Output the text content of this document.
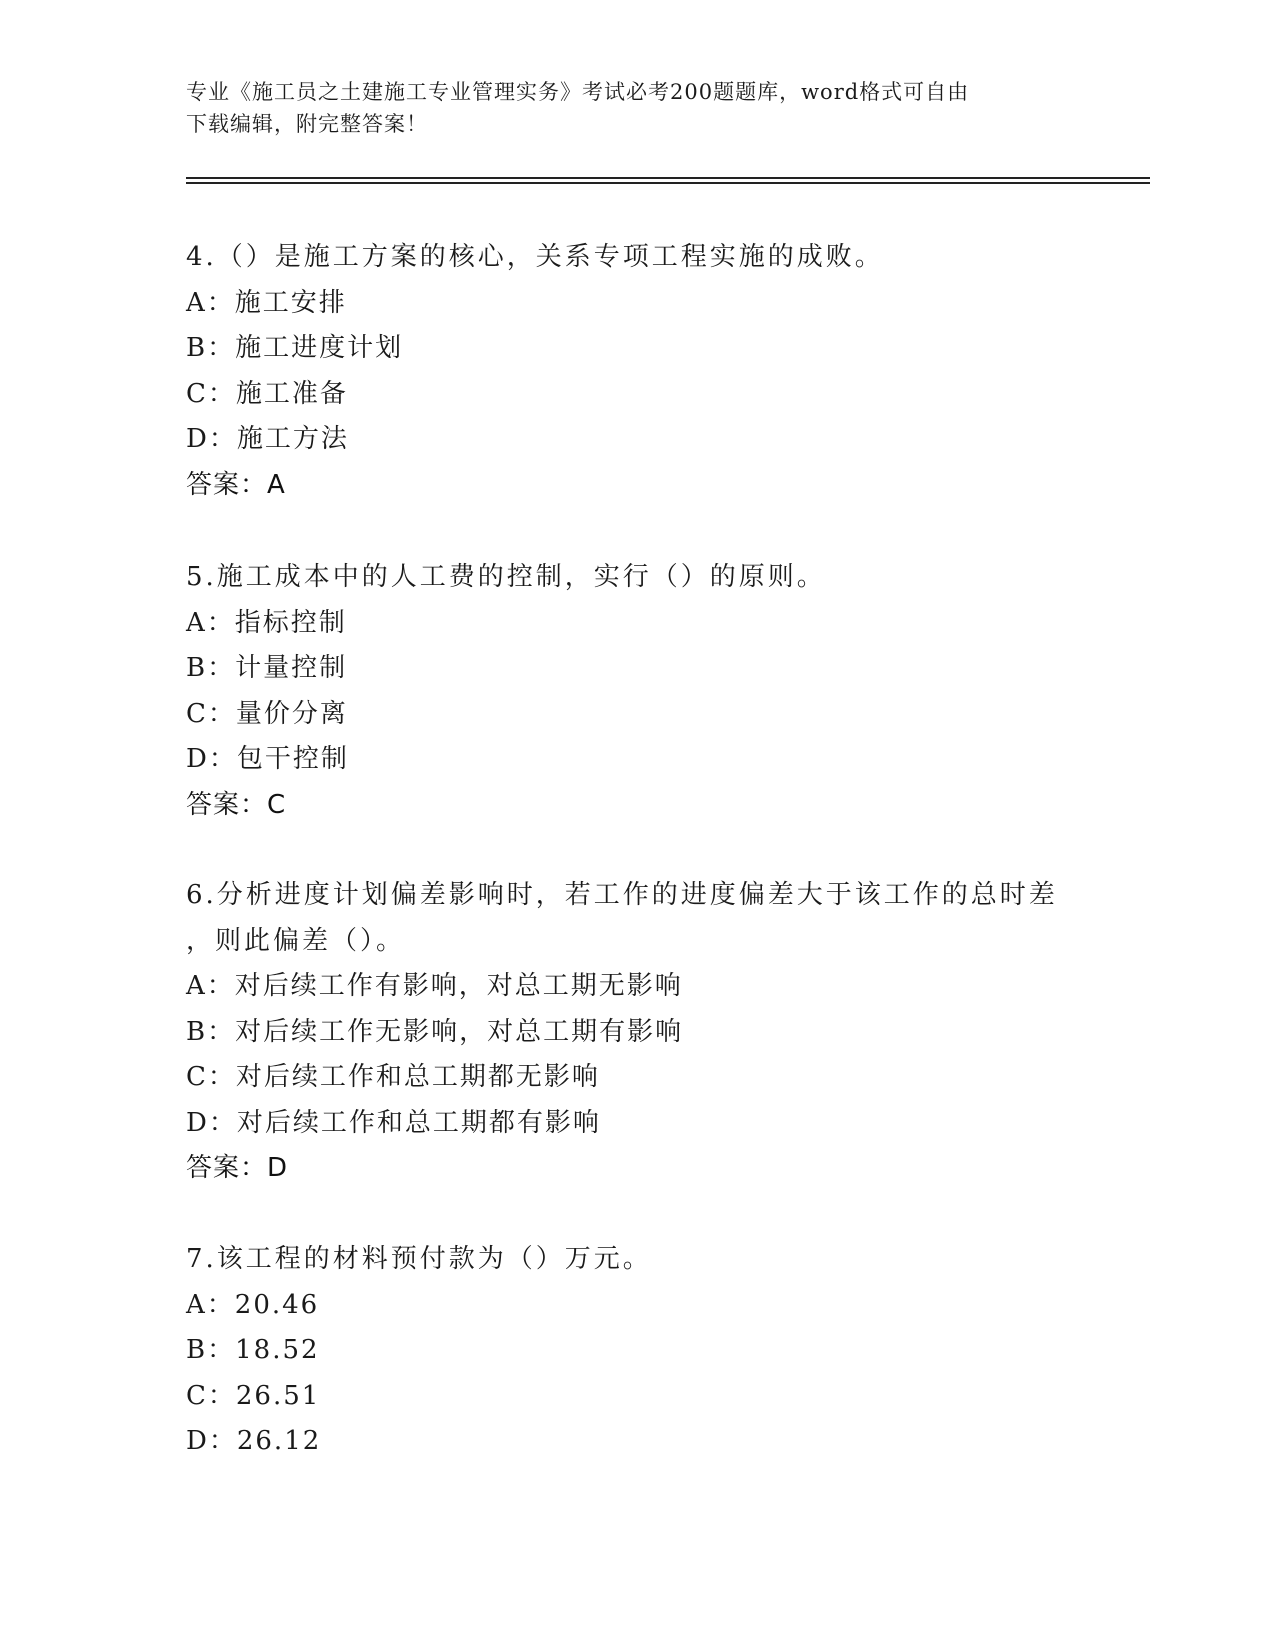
专业《施工员之土建施工专业管理实务》考试必考200题题库，word格式可自由
下载编辑，附完整答案！
4.（）是施工方案的核心，关系专项工程实施的成败。
A：施工安排
B：施工进度计划
C：施工准备
D：施工方法
答案：A
5.施工成本中的人工费的控制，实行（）的原则。
A：指标控制
B：计量控制
C：量价分离
D：包干控制
答案：C
6.分析进度计划偏差影响时，若工作的进度偏差大于该工作的总时差
，则此偏差（）。
A：对后续工作有影响，对总工期无影响
B：对后续工作无影响，对总工期有影响
C：对后续工作和总工期都无影响
D：对后续工作和总工期都有影响
答案：D
7.该工程的材料预付款为（）万元。
A：20.46
B：18.52
C：26.51
D：26.12
